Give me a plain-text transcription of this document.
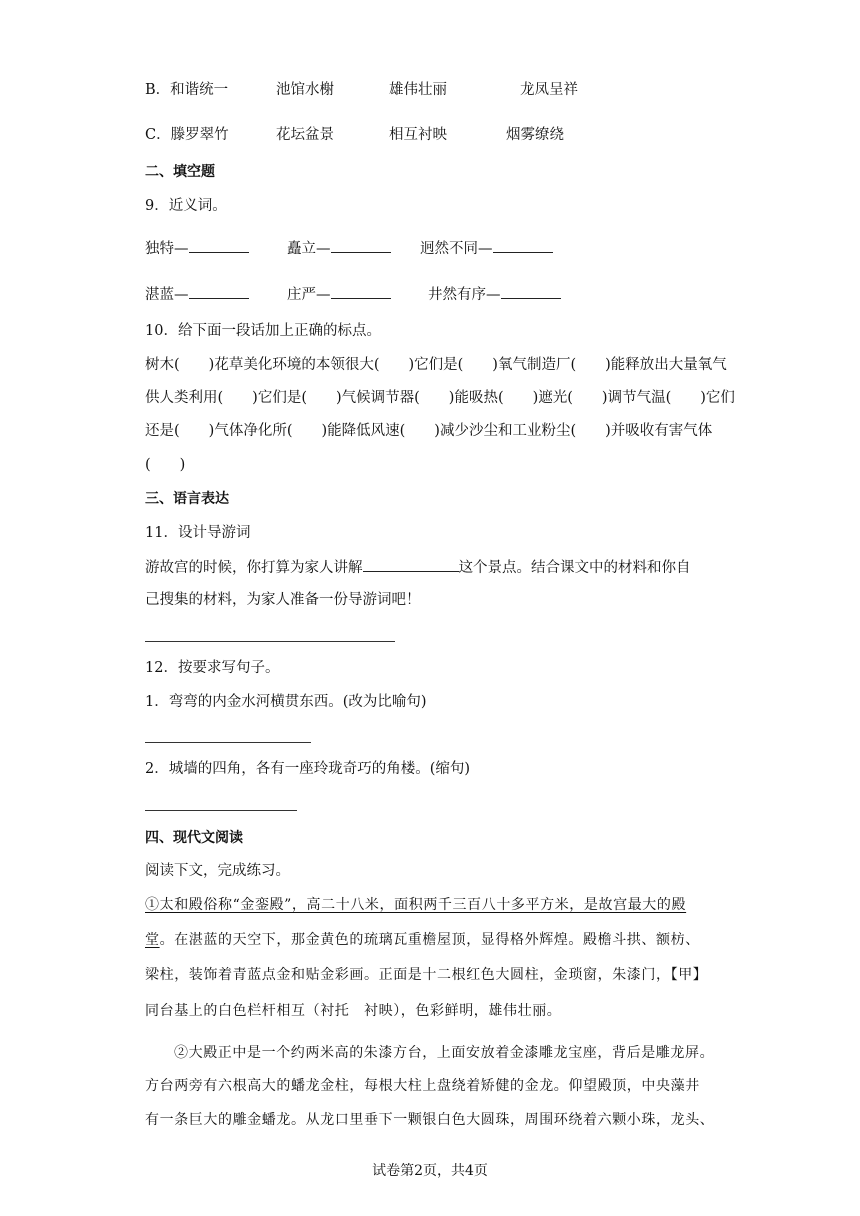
B．和谐统一	池馆水榭	雄伟壮丽	龙凤呈祥
C．滕罗翠竹	花坛盆景	相互衬映	烟雾缭绕
二、填空题
9．近义词。
独特—	矗立—	迥然不同—
湛蓝—	庄严—	井然有序—
10．给下面一段话加上正确的标点。
树木(　　)花草美化环境的本领很大(　　)它们是(　　)氧气制造厂(　　)能释放出大量氧气
供人类利用(　　)它们是(　　)气候调节器(　　)能吸热(　　)遮光(　　)调节气温(　　)它们
还是(　　)气体净化所(　　)能降低风速(　　)减少沙尘和工业粉尘(　　)并吸收有害气体
(　　)
三、语言表达
11．设计导游词
游故宫的时候，你打算为家人讲解	这个景点。结合课文中的材料和你自
己搜集的材料，为家人准备一份导游词吧！
12．按要求写句子。
1．弯弯的内金水河横贯东西。(改为比喻句)
2．城墙的四角，各有一座玲珑奇巧的角楼。(缩句)
四、现代文阅读
阅读下文，完成练习。
①太和殿俗称“金銮殿”，高二十八米，面积两千三百八十多平方米，是故宫最大的殿
堂。在湛蓝的天空下，那金黄色的琉璃瓦重檐屋顶，显得格外辉煌。殿檐斗拱、额枋、
梁柱，装饰着青蓝点金和贴金彩画。正面是十二根红色大圆柱，金琐窗，朱漆门，【甲】
同台基上的白色栏杆相互（衬托　衬映），色彩鲜明，雄伟壮丽。
②大殿正中是一个约两米高的朱漆方台，上面安放着金漆雕龙宝座，背后是雕龙屏。
方台两旁有六根高大的蟠龙金柱，每根大柱上盘绕着矫健的金龙。仰望殿顶，中央藻井
有一条巨大的雕金蟠龙。从龙口里垂下一颗银白色大圆珠，周围环绕着六颗小珠，龙头、
试卷第2页，共4页
